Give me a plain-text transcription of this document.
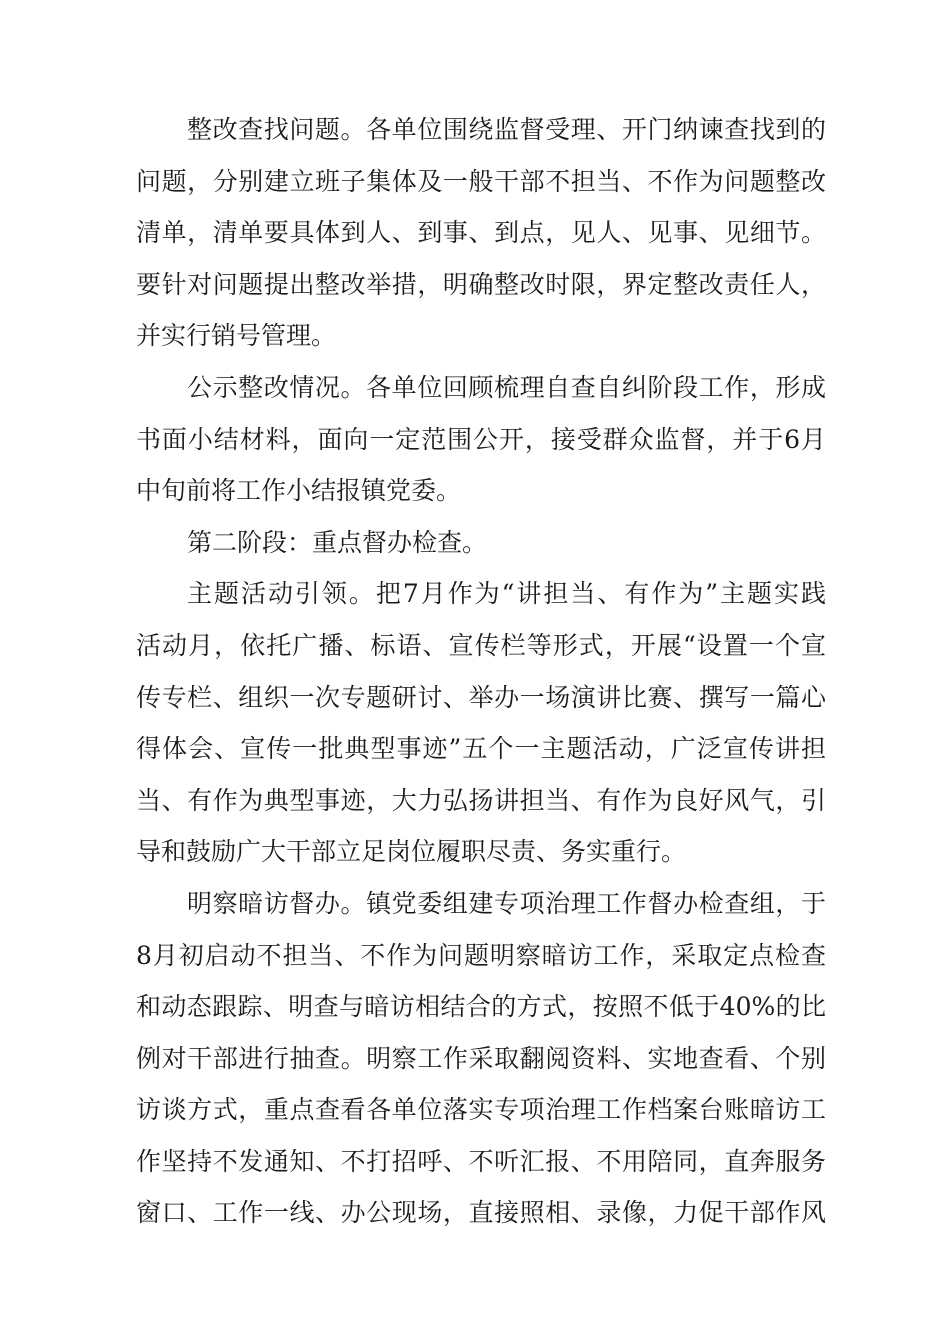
整改查找问题。各单位围绕监督受理、开门纳谏查找到的
问题，分别建立班子集体及一般干部不担当、不作为问题整改
清单，清单要具体到人、到事、到点，见人、见事、见细节。
要针对问题提出整改举措，明确整改时限，界定整改责任人，
并实行销号管理。
公示整改情况。各单位回顾梳理自查自纠阶段工作，形成
书面小结材料，面向一定范围公开，接受群众监督，并于6月
中旬前将工作小结报镇党委。
第二阶段：重点督办检查。
主题活动引领。把7月作为“讲担当、有作为”主题实践
活动月，依托广播、标语、宣传栏等形式，开展“设置一个宣
传专栏、组织一次专题研讨、举办一场演讲比赛、撰写一篇心
得体会、宣传一批典型事迹”五个一主题活动，广泛宣传讲担
当、有作为典型事迹，大力弘扬讲担当、有作为良好风气，引
导和鼓励广大干部立足岗位履职尽责、务实重行。
明察暗访督办。镇党委组建专项治理工作督办检查组，于
8月初启动不担当、不作为问题明察暗访工作，采取定点检查
和动态跟踪、明查与暗访相结合的方式，按照不低于40%的比
例对干部进行抽查。明察工作采取翻阅资料、实地查看、个别
访谈方式，重点查看各单位落实专项治理工作档案台账暗访工
作坚持不发通知、不打招呼、不听汇报、不用陪同，直奔服务
窗口、工作一线、办公现场，直接照相、录像，力促干部作风
